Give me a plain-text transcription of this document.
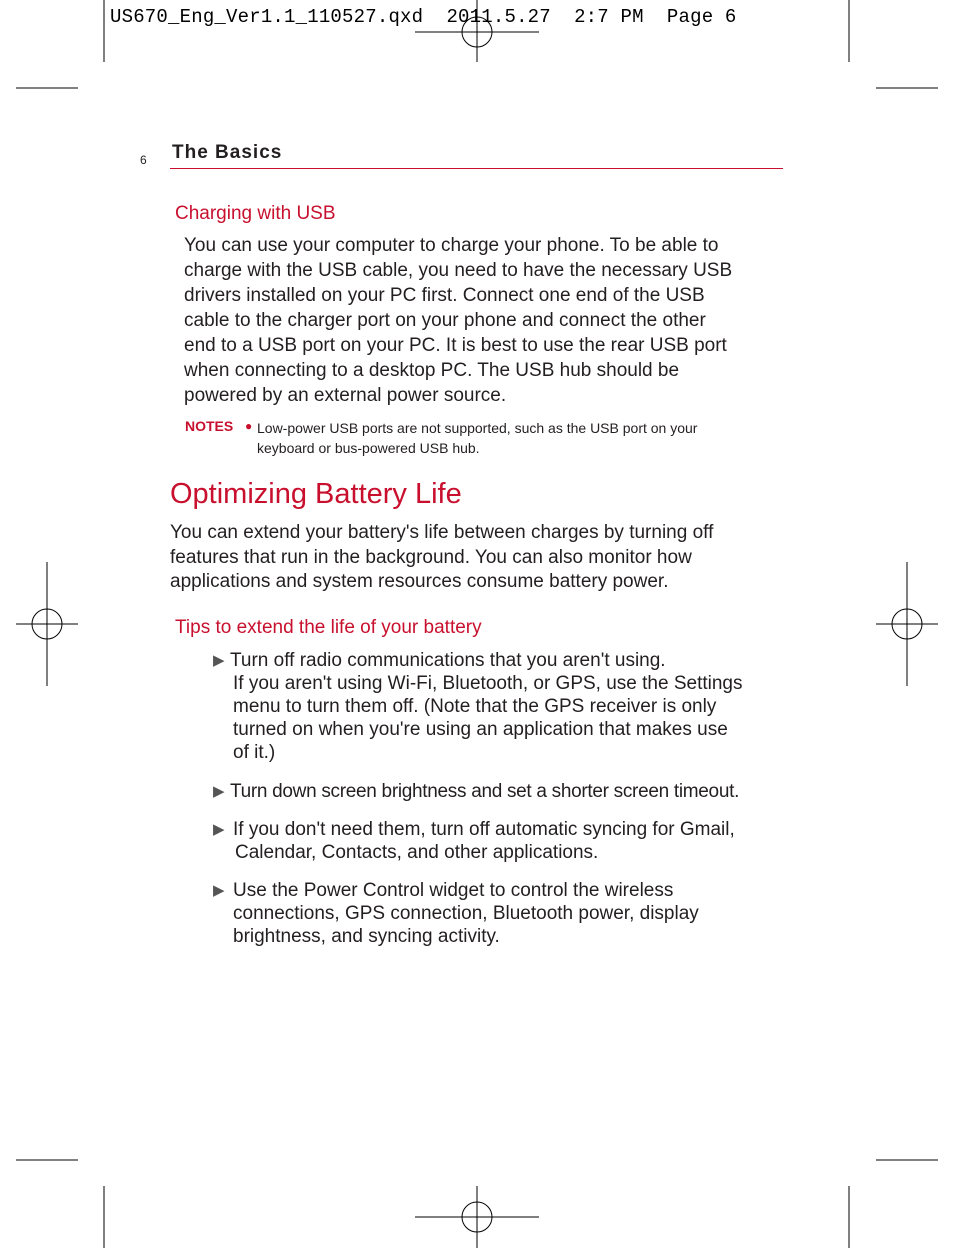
US670_Eng_Ver1.1_110527.qxd  2011.5.27  2:7 PM  Page 6
6 The Basics
Charging with USB
You can use your computer to charge your phone. To be able to
charge with the USB cable, you need to have the necessary USB
drivers installed on your PC first. Connect one end of the USB
cable to the charger port on your phone and connect the other
end to a USB port on your PC. It is best to use the rear USB port
when connecting to a desktop PC. The USB hub should be
powered by an external power source.
NOTES ● Low-power USB ports are not supported, such as the USB port on your
keyboard or bus-powered USB hub.
Optimizing Battery Life
You can extend your battery's life between charges by turning off
features that run in the background. You can also monitor how
applications and system resources consume battery power.
Tips to extend the life of your battery
▶ Turn off radio communications that you aren't using.
If you aren't using Wi-Fi, Bluetooth, or GPS, use the Settings
menu to turn them off. (Note that the GPS receiver is only
turned on when you're using an application that makes use
of it.)
▶ Turn down screen brightness and set a shorter screen timeout.
▶ If you don't need them, turn off automatic syncing for Gmail,
Calendar, Contacts, and other applications.
▶ Use the Power Control widget to control the wireless
connections, GPS connection, Bluetooth power, display
brightness, and syncing activity.
